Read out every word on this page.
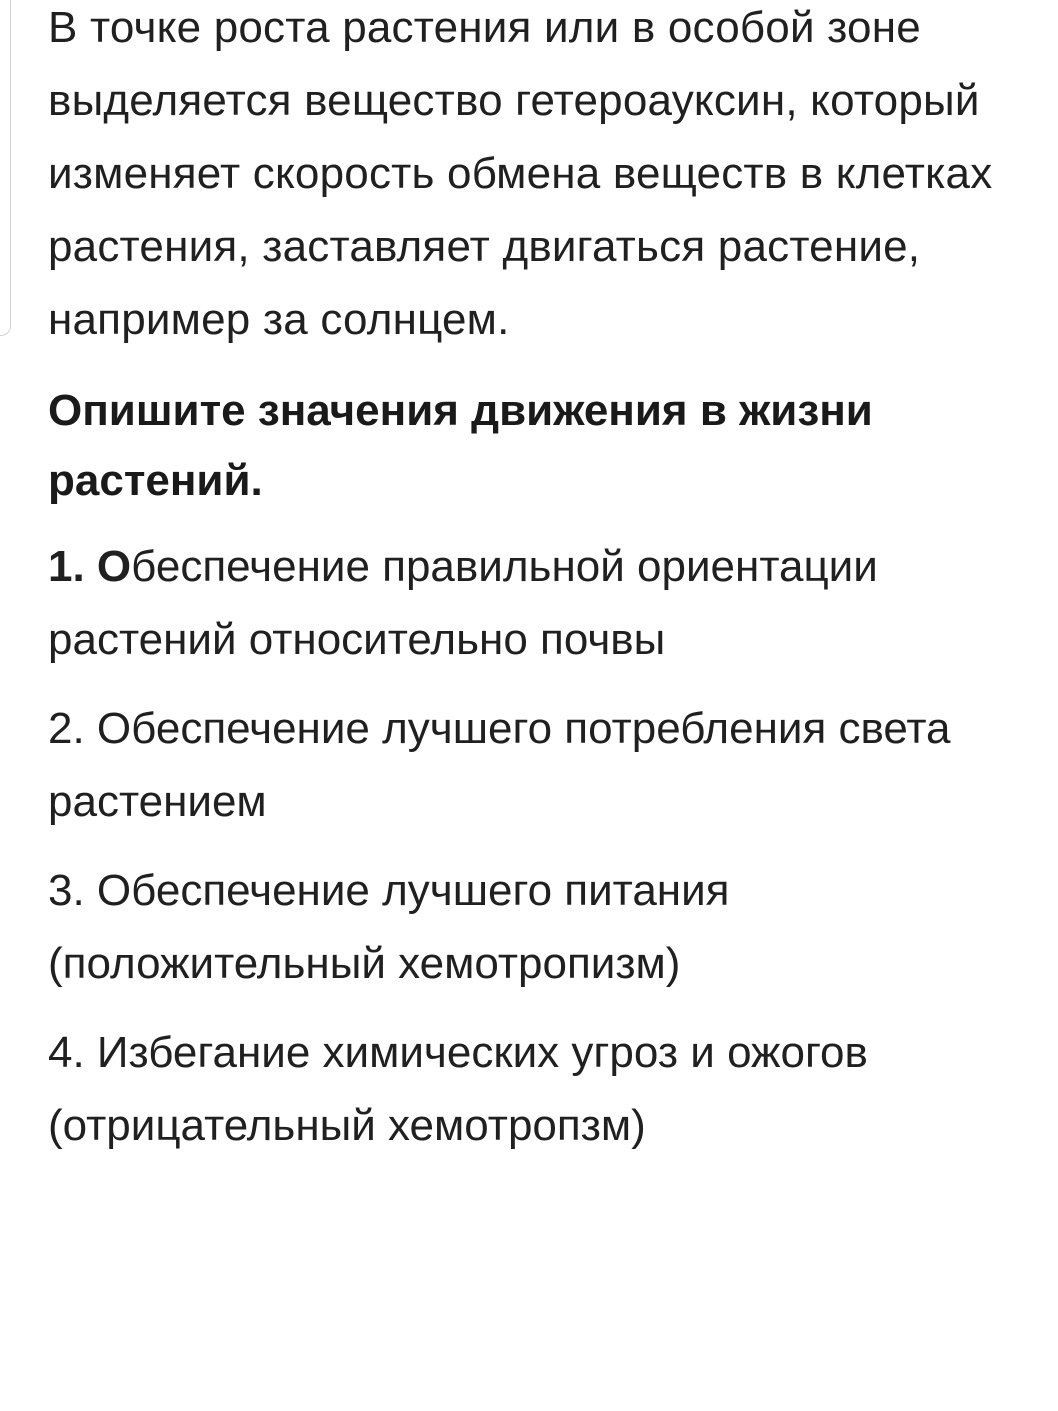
В точке роста растения или в особой зоне выделяется вещество гетероауксин, который изменяет скорость обмена веществ в клетках растения, заставляет двигаться растение, например за солнцем.

Опишите значения движения в жизни растений.

1. Обеспечение правильной ориентации растений относительно почвы

2. Обеспечение лучшего потребления света растением

3. Обеспечение лучшего питания (положительный хемотропизм)

4. Избегание химических угроз и ожогов (отрицательный хемотропзм)
